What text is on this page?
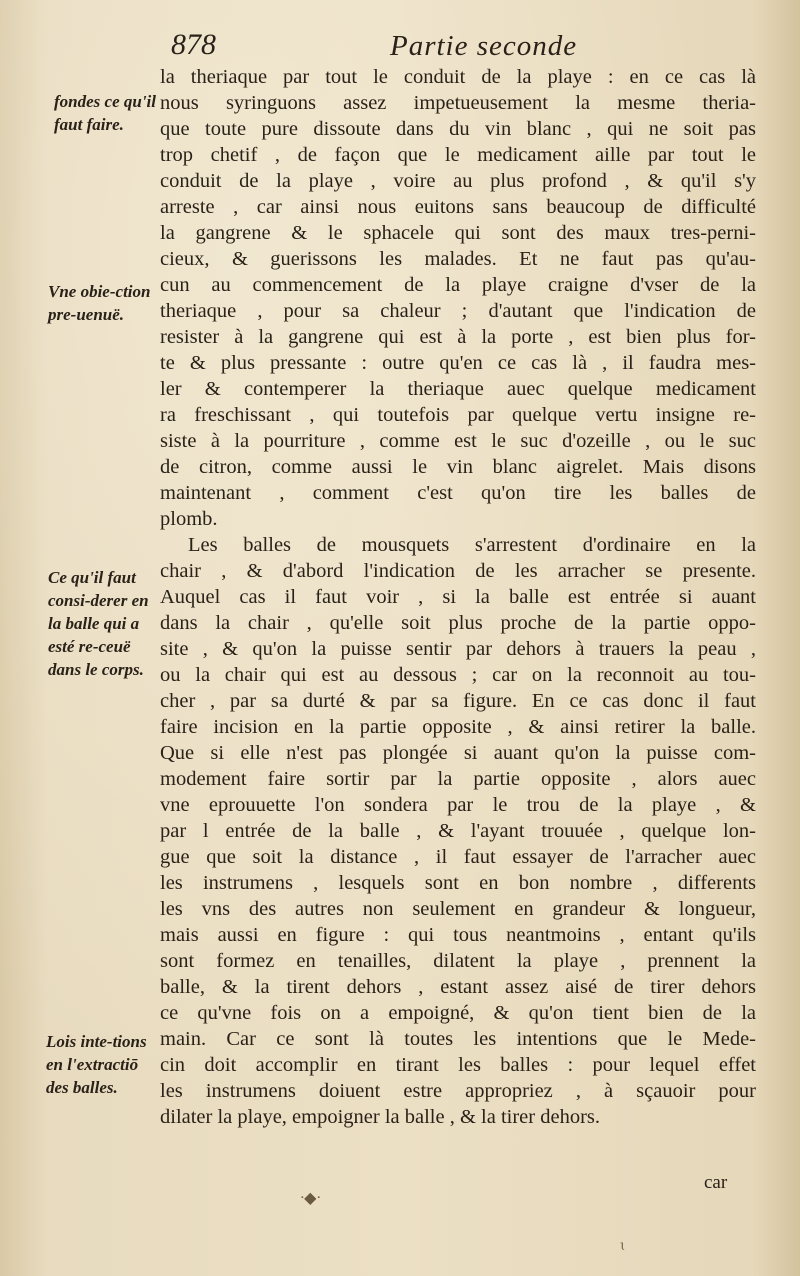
878	Partie seconde
fondes ce qu'il faut faire.
Vne obie-ction pre-uenuë.
Ce qu'il faut consi-derer en la balle qui a esté re-ceuë dans le corps.
Lois inte-tions en l'extractiō des balles.
la theriaque par tout le conduit de la playe : en ce cas là
nous syringuons assez impetueusement la mesme theria-
que toute pure dissoute dans du vin blanc , qui ne soit pas
trop chetif , de façon que le medicament aille par tout le
conduit de la playe , voire au plus profond , & qu'il s'y
arreste , car ainsi nous euitons sans beaucoup de difficulté
la gangrene & le sphacele qui sont des maux tres-perni-
cieux, & guerissons les malades. Et ne faut pas qu'au-
cun au commencement de la playe craigne d'vser de la
theriaque , pour sa chaleur ; d'autant que l'indication de
resister à la gangrene qui est à la porte , est bien plus for-
te & plus pressante : outre qu'en ce cas là , il faudra mes-
ler & contemperer la theriaque auec quelque medicament
ra freschissant , qui toutefois par quelque vertu insigne re-
siste à la pourriture , comme est le suc d'ozeille , ou le suc
de citron, comme aussi le vin blanc aigrelet. Mais disons
maintenant , comment c'est qu'on tire les balles de
plomb.
Les balles de mousquets s'arrestent d'ordinaire en la
chair , & d'abord l'indication de les arracher se presente.
Auquel cas il faut voir , si la balle est entrée si auant
dans la chair , qu'elle soit plus proche de la partie oppo-
site , & qu'on la puisse sentir par dehors à trauers la peau ,
ou la chair qui est au dessous ; car on la reconnoit au tou-
cher , par sa durté & par sa figure. En ce cas donc il faut
faire incision en la partie opposite , & ainsi retirer la balle.
Que si elle n'est pas plongée si auant qu'on la puisse com-
modement faire sortir par la partie opposite , alors auec
vne eprouuette l'on sondera par le trou de la playe , &
par l entrée de la balle , & l'ayant trouuée , quelque lon-
gue que soit la distance , il faut essayer de l'arracher auec
les instrumens , lesquels sont en bon nombre , differents
les vns des autres non seulement en grandeur & longueur,
mais aussi en figure : qui tous neantmoins , entant qu'ils
sont formez en tenailles, dilatent la playe , prennent la
balle, & la tirent dehors , estant assez aisé de tirer dehors
ce qu'vne fois on a empoigné, & qu'on tient bien de la
main. Car ce sont là toutes les intentions que le Mede-
cin doit accomplir en tirant les balles : pour lequel effet
les instrumens doiuent estre appropriez , à sçauoir pour
dilater la playe, empoigner la balle , & la tirer dehors.
ᐧ◆ᐧ
car
ɩ
